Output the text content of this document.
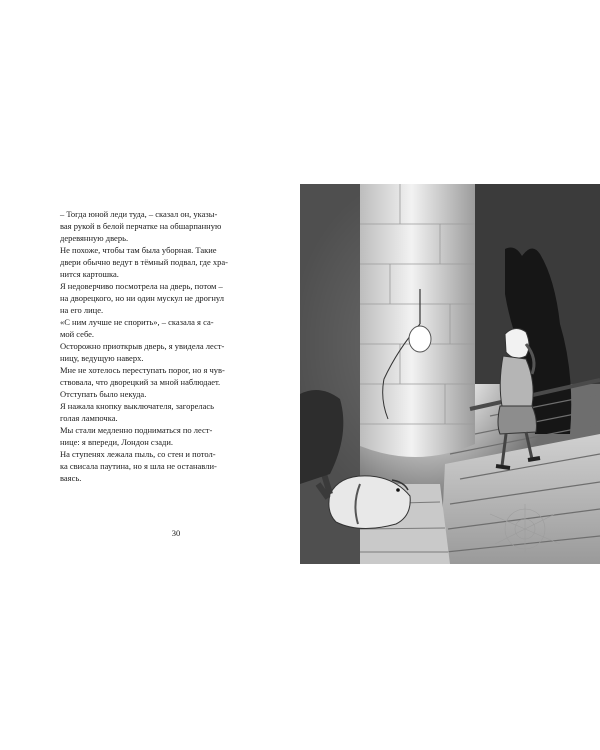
– Тогда юной леди туда, – сказал он, указы-
вая рукой в белой перчатке на обшарпанную
деревянную дверь.

Не похоже, чтобы там была уборная. Такие
двери обычно ведут в тёмный подвал, где хра-
нится картошка.

Я недоверчиво посмотрела на дверь, потом –
на дворецкого, но ни один мускул не дрогнул
на его лице.

«С ним лучше не спорить», – сказала я са-
мой себе.

Осторожно приоткрыв дверь, я увидела лест-
ницу, ведущую наверх.

Мне не хотелось переступать порог, но я чув-
ствовала, что дворецкий за мной наблюдает.
Отступать было некуда.

Я нажала кнопку выключателя, загорелась
голая лампочка.

Мы стали медленно подниматься по лест-
нице: я впереди, Лондон сзади.

На ступенях лежала пыль, со стен и потол-
ка свисала паутина, но я шла не останавли-
ваясь.

30
